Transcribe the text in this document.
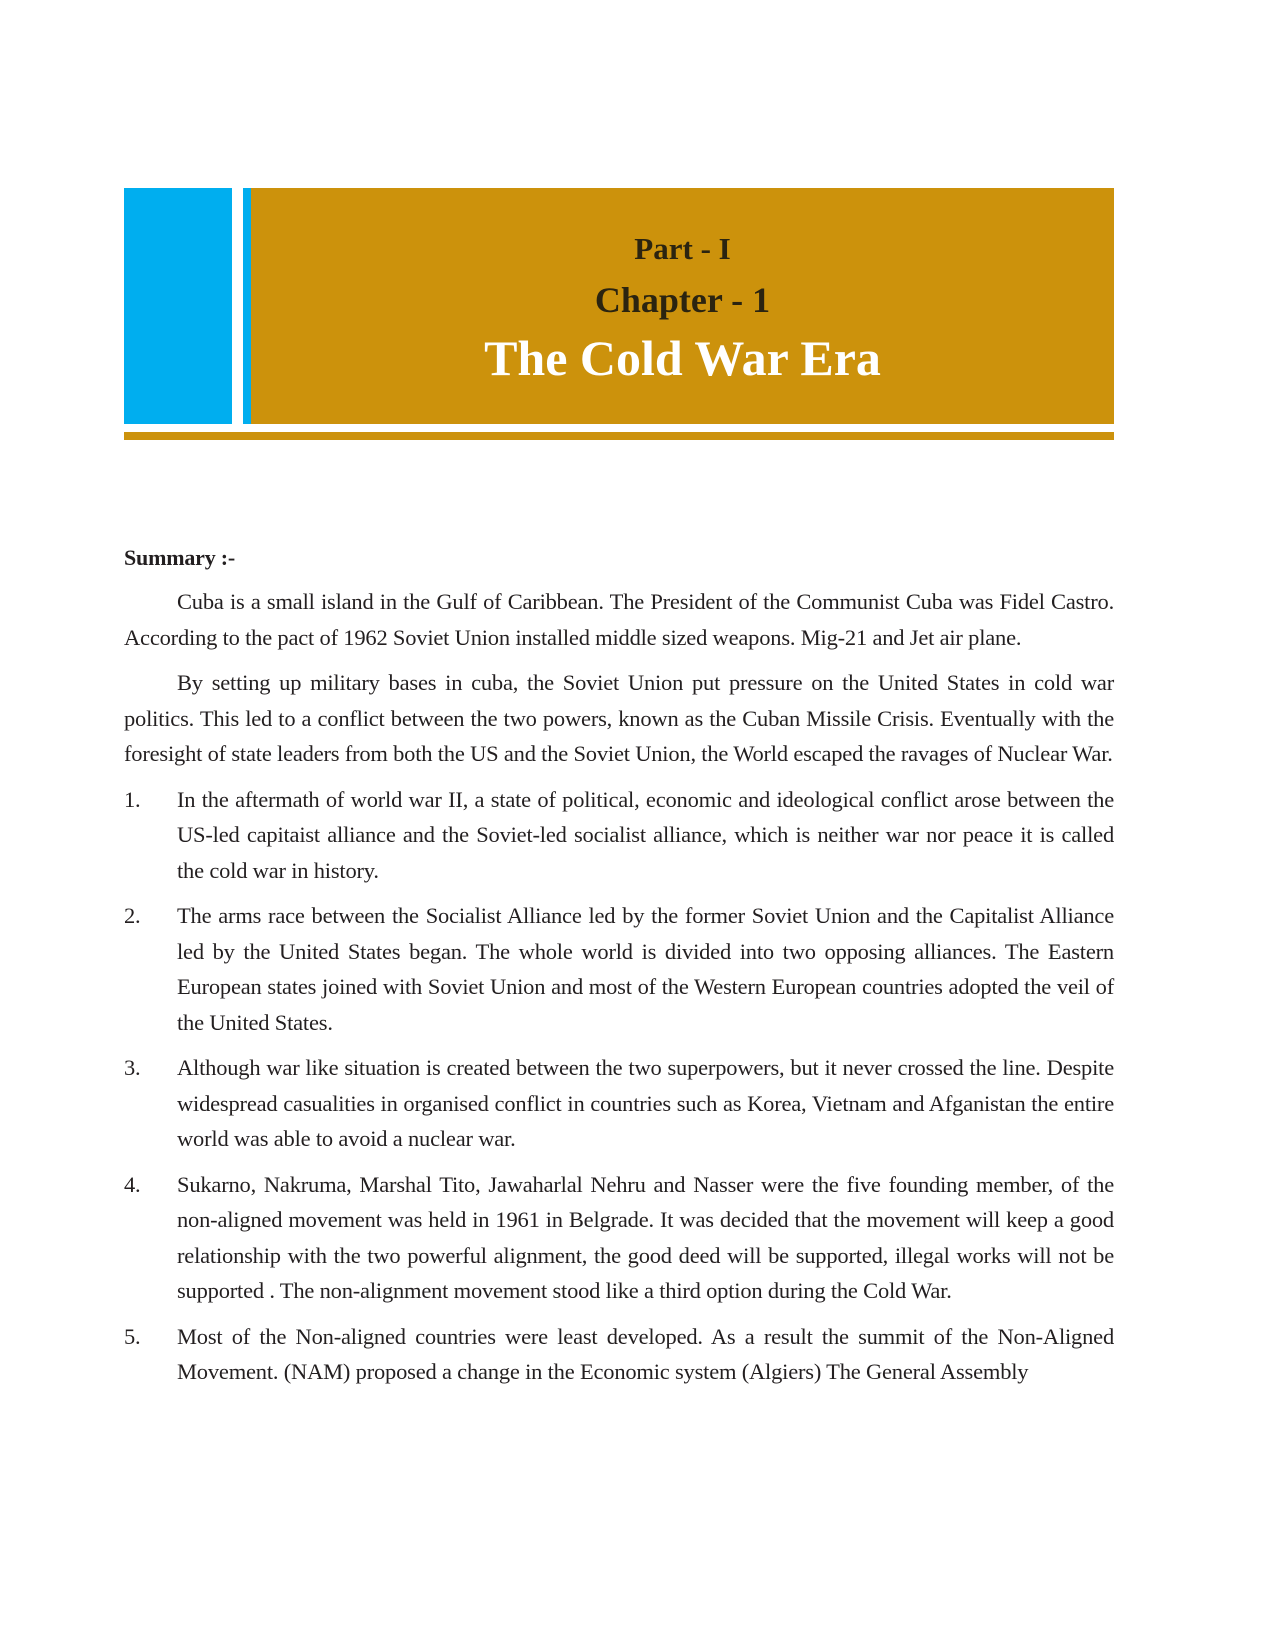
Part - I
Chapter - 1
The Cold War Era
Summary :-

Cuba is a small island in the Gulf of Caribbean. The President of the Communist Cuba was Fidel Castro. According to the pact of 1962 Soviet Union installed middle sized weapons. Mig-21 and Jet air plane.

By setting up military bases in cuba, the Soviet Union put pressure on the United States in cold war politics. This led to a conflict between the two powers, known as the Cuban Missile Crisis. Eventually with the foresight of state leaders from both the US and the Soviet Union, the World escaped the ravages of Nuclear War.

1. In the aftermath of world war II, a state of political, economic and ideological conflict arose between the US-led capitaist alliance and the Soviet-led socialist alliance, which is neither war nor peace it is called the cold war in history.
2. The arms race between the Socialist Alliance led by the former Soviet Union and the Capitalist Alliance led by the United States began. The whole world is divided into two opposing alliances. The Eastern European states joined with Soviet Union and most of the Western European countries adopted the veil of the United States.
3. Although war like situation is created between the two superpowers, but it never crossed the line. Despite widespread casualities in organised conflict in countries such as Korea, Vietnam and Afganistan the entire world was able to avoid a nuclear war.
4. Sukarno, Nakruma, Marshal Tito, Jawaharlal Nehru and Nasser were the five founding member, of the non-aligned movement was held in 1961 in Belgrade. It was decided that the movement will keep a good relationship with the two powerful alignment, the good deed will be supported, illegal works will not be supported . The non-alignment movement stood like a third option during the Cold War.
5. Most of the Non-aligned countries were least developed. As a result the summit of the Non-Aligned Movement. (NAM) proposed a change in the Economic system (Algiers) The General Assembly
